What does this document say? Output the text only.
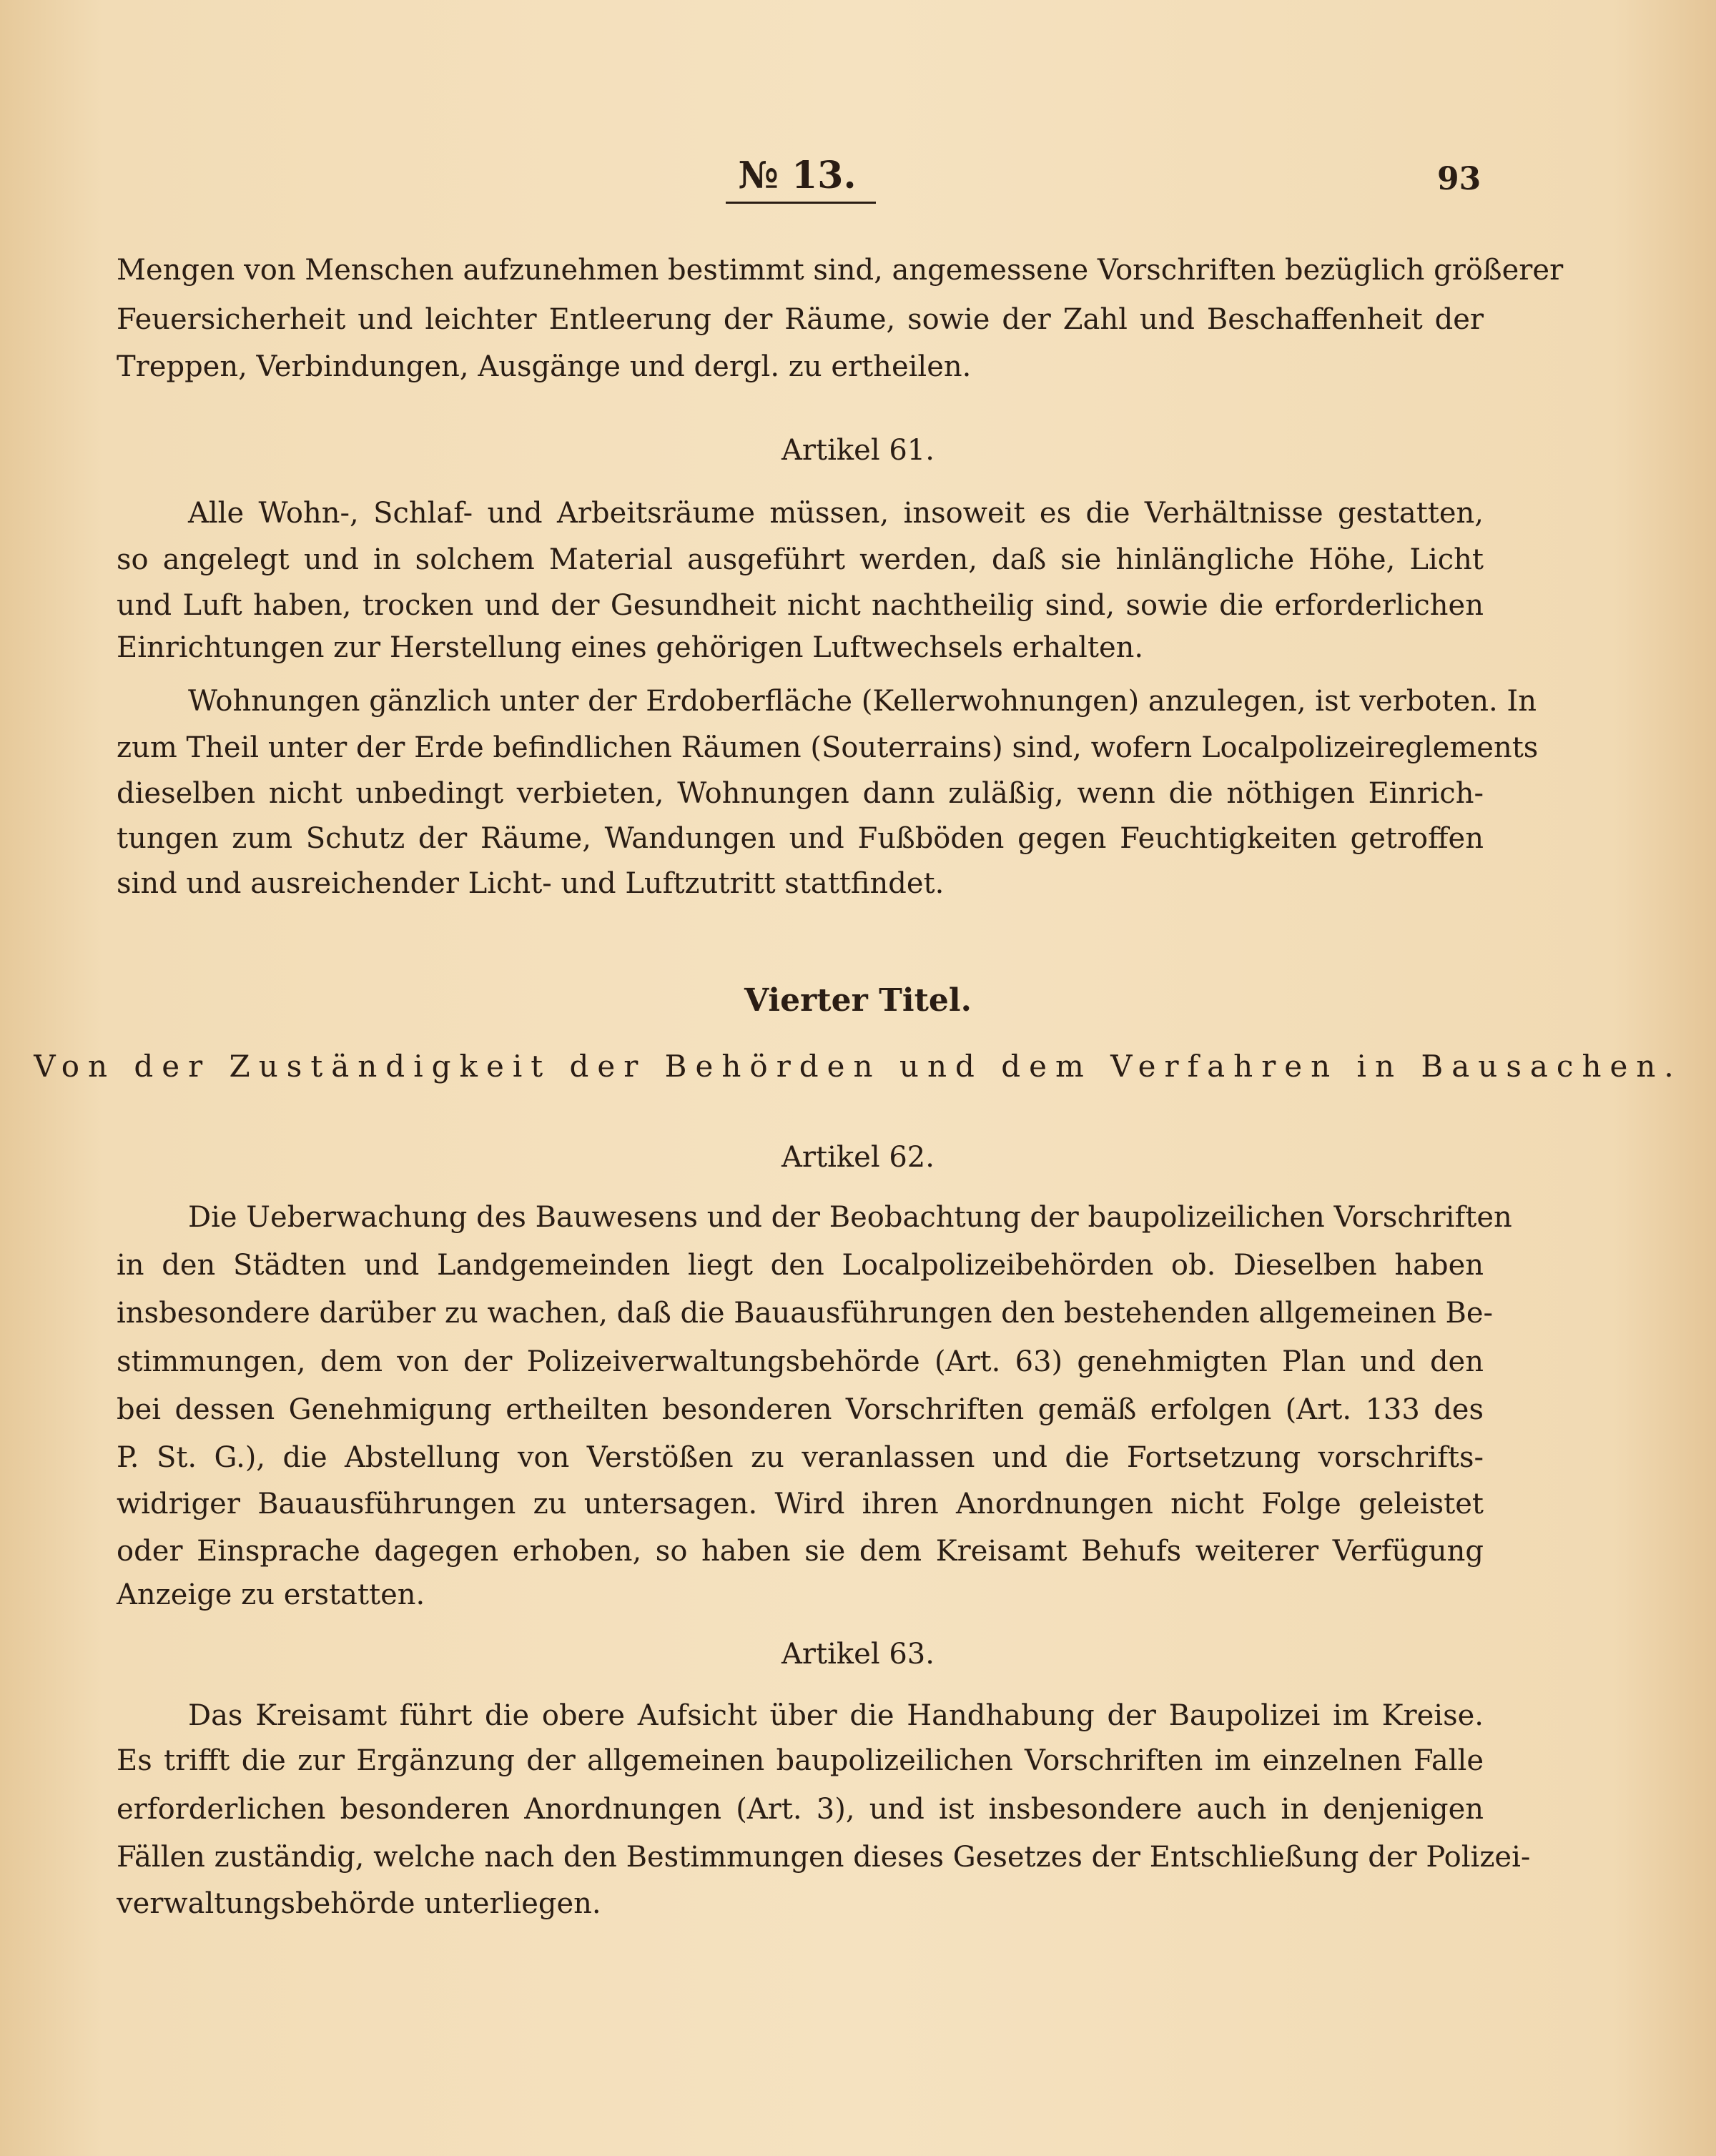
№ 13.	93
Mengen von Menschen aufzunehmen bestimmt sind, angemessene Vorschriften bezüglich größerer
Feuersicherheit und leichter Entleerung der Räume, sowie der Zahl und Beschaffenheit der
Treppen, Verbindungen, Ausgänge und dergl. zu ertheilen.
Artikel 61.
Alle Wohn-, Schlaf- und Arbeitsräume müssen, insoweit es die Verhältnisse gestatten,
so angelegt und in solchem Material ausgeführt werden, daß sie hinlängliche Höhe, Licht
und Luft haben, trocken und der Gesundheit nicht nachtheilig sind, sowie die erforderlichen
Einrichtungen zur Herstellung eines gehörigen Luftwechsels erhalten.
Wohnungen gänzlich unter der Erdoberfläche (Kellerwohnungen) anzulegen, ist verboten. In
zum Theil unter der Erde befindlichen Räumen (Souterrains) sind, wofern Localpolizeireglements
dieselben nicht unbedingt verbieten, Wohnungen dann zuläßig, wenn die nöthigen Einrich-
tungen zum Schutz der Räume, Wandungen und Fußböden gegen Feuchtigkeiten getroffen
sind und ausreichender Licht- und Luftzutritt stattfindet.
Vierter Titel.
Von der Zuständigkeit der Behörden und dem Verfahren in Bausachen.
Artikel 62.
Die Ueberwachung des Bauwesens und der Beobachtung der baupolizeilichen Vorschriften
in den Städten und Landgemeinden liegt den Localpolizeibehörden ob. Dieselben haben
insbesondere darüber zu wachen, daß die Bauausführungen den bestehenden allgemeinen Be-
stimmungen, dem von der Polizeiverwaltungsbehörde (Art. 63) genehmigten Plan und den
bei dessen Genehmigung ertheilten besonderen Vorschriften gemäß erfolgen (Art. 133 des
P. St. G.), die Abstellung von Verstößen zu veranlassen und die Fortsetzung vorschrifts-
widriger Bauausführungen zu untersagen. Wird ihren Anordnungen nicht Folge geleistet
oder Einsprache dagegen erhoben, so haben sie dem Kreisamt Behufs weiterer Verfügung
Anzeige zu erstatten.
Artikel 63.
Das Kreisamt führt die obere Aufsicht über die Handhabung der Baupolizei im Kreise.
Es trifft die zur Ergänzung der allgemeinen baupolizeilichen Vorschriften im einzelnen Falle
erforderlichen besonderen Anordnungen (Art. 3), und ist insbesondere auch in denjenigen
Fällen zuständig, welche nach den Bestimmungen dieses Gesetzes der Entschließung der Polizei-
verwaltungsbehörde unterliegen.
